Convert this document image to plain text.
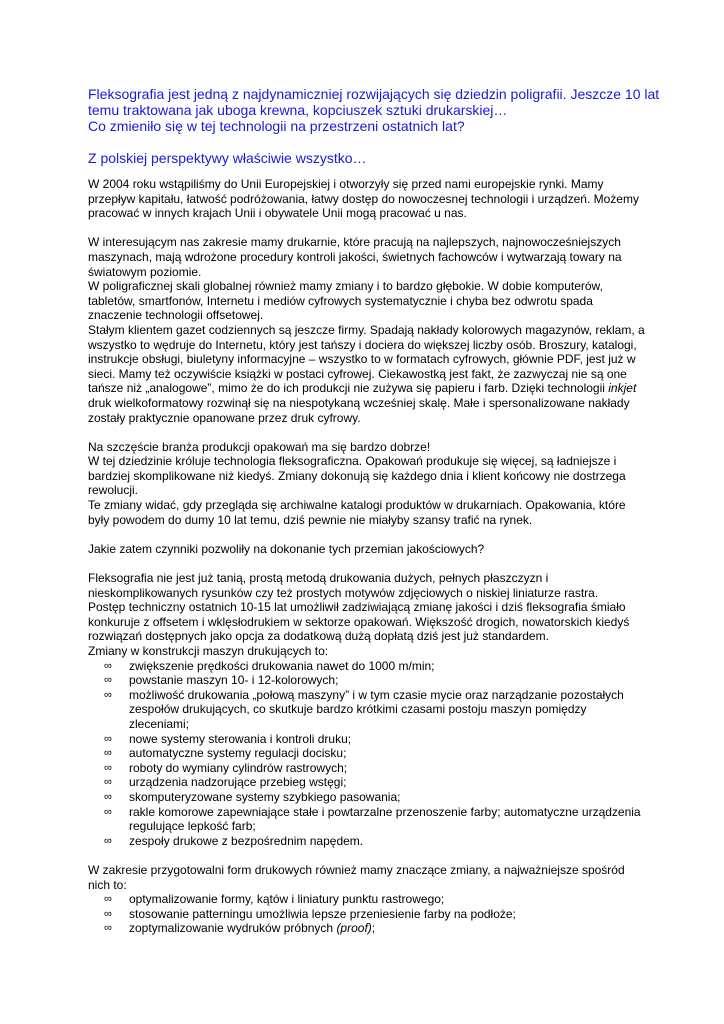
Fleksografia jest jedną z najdynamiczniej rozwijających się dziedzin poligrafii. Jeszcze 10 lat
temu traktowana jak uboga krewna, kopciuszek sztuki drukarskiej…
Co zmieniło się w tej technologii na przestrzeni ostatnich lat?
Z polskiej perspektywy właściwie wszystko…

W 2004 roku wstąpiliśmy do Unii Europejskiej i otworzyły się przed nami europejskie rynki. Mamy przepływ kapitału, łatwość podróżowania, łatwy dostęp do nowoczesnej technologii i urządzeń. Możemy pracować w innych krajach Unii i obywatele Unii mogą pracować u nas.

W interesującym nas zakresie mamy drukarnie, które pracują na najlepszych, najnowocześniejszych maszynach, mają wdrożone procedury kontroli jakości, świetnych fachowców i wytwarzają towary na światowym poziomie.

W poligraficznej skali globalnej również mamy zmiany i to bardzo głębokie. W dobie komputerów, tabletów, smartfonów, Internetu i mediów cyfrowych systematycznie i chyba bez odwrotu spada znaczenie technologii offsetowej.

Stałym klientem gazet codziennych są jeszcze firmy. Spadają nakłady kolorowych magazynów, reklam, a wszystko to wędruje do Internetu, który jest tańszy i dociera do większej liczby osób. Broszury, katalogi, instrukcje obsługi, biuletyny informacyjne – wszystko to w formatach cyfrowych, głównie PDF, jest już w sieci. Mamy też oczywiście książki w postaci cyfrowej. Ciekawostką jest fakt, że zazwyczaj nie są one tańsze niż „analogowe”, mimo że do ich produkcji nie zużywa się papieru i farb. Dzięki technologii inkjet druk wielkoformatowy rozwinął się na niespotykaną wcześniej skalę. Małe i spersonalizowane nakłady zostały praktycznie opanowane przez druk cyfrowy.

Na szczęście branża produkcji opakowań ma się bardzo dobrze!

W tej dziedzinie króluje technologia fleksograficzna. Opakowań produkuje się więcej, są ładniejsze i bardziej skomplikowane niż kiedyś. Zmiany dokonują się każdego dnia i klient końcowy nie dostrzega rewolucji.

Te zmiany widać, gdy przegląda się archiwalne katalogi produktów w drukarniach. Opakowania, które były powodem do dumy 10 lat temu, dziś pewnie nie miałyby szansy trafić na rynek.

Jakie zatem czynniki pozwoliły na dokonanie tych przemian jakościowych?

Fleksografia nie jest już tanią, prostą metodą drukowania dużych, pełnych płaszczyzn i nieskomplikowanych rysunków czy też prostych motywów zdjęciowych o niskiej liniaturze rastra.

Postęp techniczny ostatnich 10-15 lat umożliwił zadziwiającą zmianę jakości i dziś fleksografia śmiało konkuruje z offsetem i wklęsłodrukiem w sektorze opakowań. Większość drogich, nowatorskich kiedyś rozwiązań dostępnych jako opcja za dodatkową dużą dopłatą dziś jest już standardem.

Zmiany w konstrukcji maszyn drukujących to:

∞ zwiększenie prędkości drukowania nawet do 1000 m/min;
∞ powstanie maszyn 10- i 12-kolorowych;
∞ możliwość drukowania „połową maszyny” i w tym czasie mycie oraz narządzanie pozostałych zespołów drukujących, co skutkuje bardzo krótkimi czasami postoju maszyn pomiędzy zleceniami;
∞ nowe systemy sterowania i kontroli druku;
∞ automatyczne systemy regulacji docisku;
∞ roboty do wymiany cylindrów rastrowych;
∞ urządzenia nadzorujące przebieg wstęgi;
∞ skomputeryzowane systemy szybkiego pasowania;
∞ rakle komorowe zapewniające stałe i powtarzalne przenoszenie farby; automatyczne urządzenia regulujące lepkość farb;
∞ zespoły drukowe z bezpośrednim napędem.

W zakresie przygotowalni form drukowych również mamy znaczące zmiany, a najważniejsze spośród nich to:

∞ optymalizowanie formy, kątów i liniatury punktu rastrowego;
∞ stosowanie patterningu umożliwia lepsze przeniesienie farby na podłoże;
∞ zoptymalizowanie wydruków próbnych (proof);
